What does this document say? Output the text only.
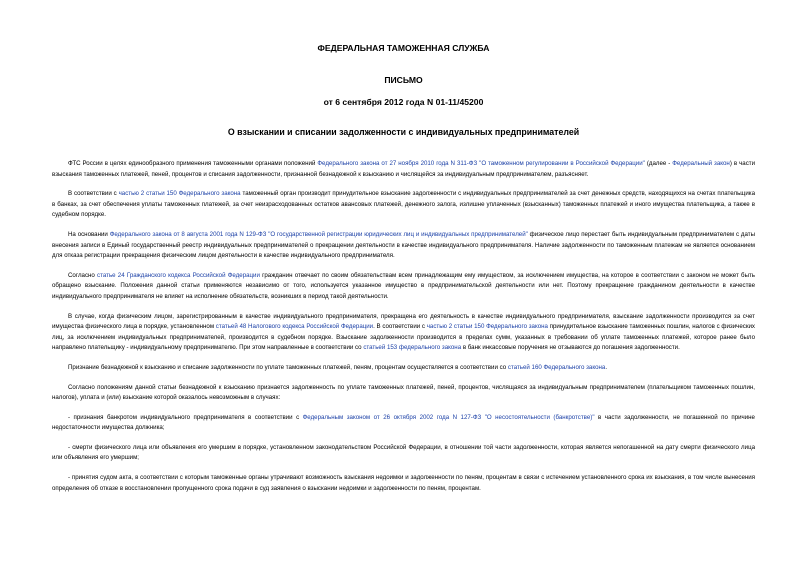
ФЕДЕРАЛЬНАЯ ТАМОЖЕННАЯ СЛУЖБА

ПИСЬМО

от 6 сентября 2012 года N 01-11/45200

О взыскании и списании задолженности с индивидуальных предпринимателей

ФТС России в целях единообразного применения таможенными органами положений Федерального закона от 27 ноября 2010 года N 311-ФЗ "О таможенном регулировании в Российской Федерации" (далее - Федеральный закон) в части взыскания таможенных платежей, пеней, процентов и списания задолженности, признанной безнадежной к взысканию и числящейся за индивидуальным предпринимателем, разъясняет.

В соответствии с частью 2 статьи 150 Федерального закона таможенный орган производит принудительное взыскание задолженности с индивидуальных предпринимателей за счет денежных средств, находящихся на счетах плательщика в банках, за счет обеспечения уплаты таможенных платежей, за счет неизрасходованных остатков авансовых платежей, денежного залога, излишне уплаченных (взысканных) таможенных платежей и иного имущества плательщика, а также в судебном порядке.

На основании Федерального закона от 8 августа 2001 года N 129-ФЗ "О государственной регистрации юридических лиц и индивидуальных предпринимателей" физическое лицо перестает быть индивидуальным предпринимателем с даты внесения записи в Единый государственный реестр индивидуальных предпринимателей о прекращении деятельности в качестве индивидуального предпринимателя. Наличие задолженности по таможенным платежам не является основанием для отказа регистрации прекращения физическим лицом деятельности в качестве индивидуального предпринимателя.

Согласно статье 24 Гражданского кодекса Российской Федерации гражданин отвечает по своим обязательствам всем принадлежащим ему имуществом, за исключением имущества, на которое в соответствии с законом не может быть обращено взыскание. Положения данной статьи применяются независимо от того, используется указанное имущество в предпринимательской деятельности или нет. Поэтому прекращение гражданином деятельности в качестве индивидуального предпринимателя не влияет на исполнение обязательств, возникших в период такой деятельности.

В случае, когда физическим лицом, зарегистрированным в качестве индивидуального предпринимателя, прекращена его деятельность в качестве индивидуального предпринимателя, взыскание задолженности производится за счет имущества физического лица в порядке, установленном статьей 48 Налогового кодекса Российской Федерации. В соответствии с частью 2 статьи 150 Федерального закона принудительное взыскание таможенных пошлин, налогов с физических лиц, за исключением индивидуальных предпринимателей, производится в судебном порядке. Взыскание задолженности производится в пределах сумм, указанных в требовании об уплате таможенных платежей, которое ранее было направлено плательщику - индивидуальному предпринимателю. При этом направленные в соответствии со статьей 153 федерального закона в банк инкассовые поручения не отзываются до погашения задолженности.

Признание безнадежной к взысканию и списание задолженности по уплате таможенных платежей, пеням, процентам осуществляется в соответствии со статьей 160 Федерального закона.

Согласно положениям данной статьи безнадежной к взысканию признается задолженность по уплате таможенных платежей, пеней, процентов, числящаяся за индивидуальным предпринимателем (плательщиком таможенных пошлин, налогов), уплата и (или) взыскание которой оказалось невозможным в случаях:

- признания банкротом индивидуального предпринимателя в соответствии с Федеральным законом от 26 октября 2002 года N 127-ФЗ "О несостоятельности (банкротстве)" в части задолженности, не погашенной по причине недостаточности имущества должника;

- смерти физического лица или объявления его умершим в порядке, установленном законодательством Российской Федерации, в отношении той части задолженности, которая является непогашенной на дату смерти физического лица или объявления его умершим;

- принятия судом акта, в соответствии с которым таможенные органы утрачивают возможность взыскания недоимки и задолженности по пеням, процентам в связи с истечением установленного срока их взыскания, в том числе вынесения определения об отказе в восстановлении пропущенного срока подачи в суд заявления о взыскании недоимки и задолженности по пеням, процентам.
